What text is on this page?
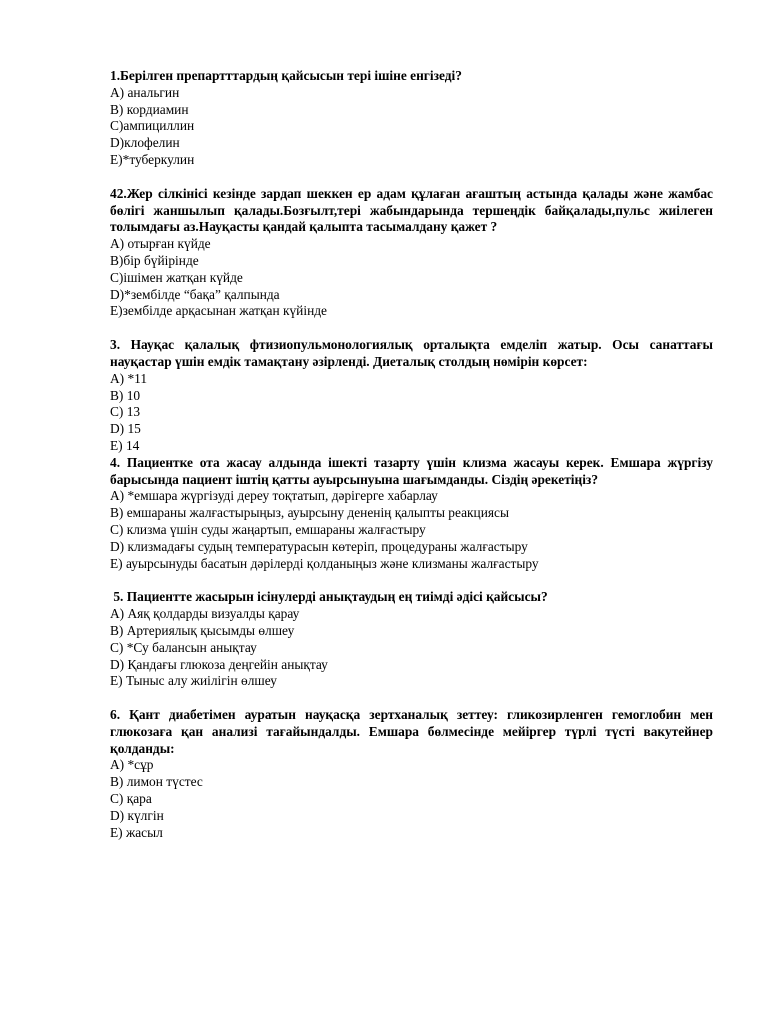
1.Берілген препартттардың қайсысын тері ішіне енгізеді?

A) анальгин

B) кордиамин

C)ампициллин

D)клофелин

E)*туберкулин

42.Жер сілкінісі кезінде зардап шеккен ер адам құлаған ағаштың астында қалады және жамбас бөлігі жаншылып қалады.Бозғылт,тері жабындарында тершеңдік байқалады,пульс жиілеген толымдағы аз.Науқасты қандай қалыпта тасымалдану қажет ?

A) отырған күйде

B)бір бүйірінде

C)ішімен жатқан күйде

D)*зембілде “бақа” қалпында

E)зембілде арқасынан жатқан күйінде

3. Науқас қалалық фтизиопульмонологиялық орталықта емделіп жатыр. Осы санаттағы науқастар үшін емдік тамақтану әзірленді. Диеталық столдың нөмірін көрсет:

A) *11

B) 10

C) 13

D) 15

E) 14

4. Пациентке ота жасау алдында ішекті тазарту үшін клизма жасауы керек. Емшара жүргізу барысында пациент іштің қатты ауырсынуына шағымданды. Сіздің әрекетіңіз?

A) *емшара жүргізуді дереу тоқтатып, дәрігерге хабарлау

B) емшараны жалғастырыңыз, ауырсыну дененің қалыпты реакциясы

C) клизма үшін суды жаңартып, емшараны жалғастыру

D) клизмадағы судың температурасын көтеріп, процедураны жалғастыру

E) ауырсынуды басатын дәрілерді қолданыңыз және клизманы жалғастыру

5. Пациентте жасырын ісінулерді анықтаудың ең тиімді әдісі қайсысы?

A) Аяқ қолдарды визуалды қарау

B) Артериялық қысымды өлшеу

C) *Су балансын анықтау

D) Қандағы глюкоза деңгейін анықтау

E) Тыныс алу жиілігін өлшеу

6. Қант диабетімен ауратын науқасқа зертханалық зеттеу: гликозирленген гемоглобин мен глюкозаға қан анализі тағайындалды. Емшара бөлмесінде мейіргер түрлі түсті вакутейнер қолданды:

A) *сұр

B) лимон түстес

C) қара

D) күлгін

E) жасыл
